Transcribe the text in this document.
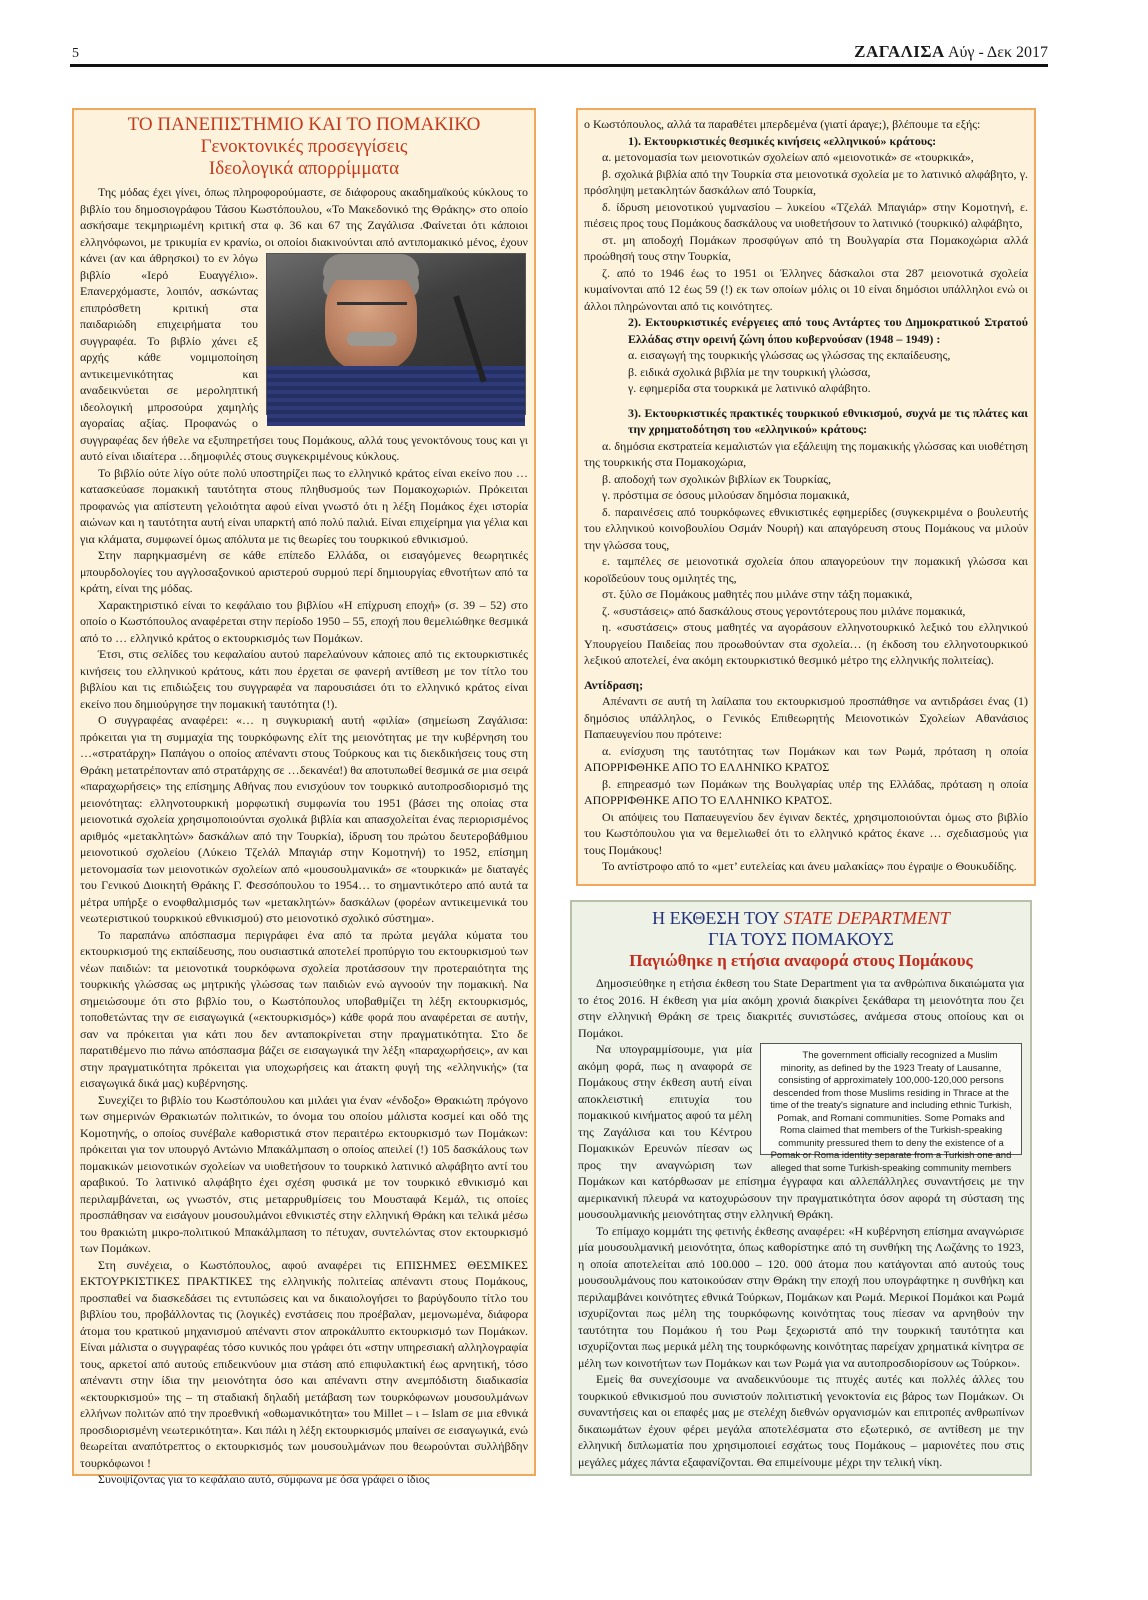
5	ΖΑΓΑΛΙΣΑ Αύγ - Δεκ 2017
ΤΟ ΠΑΝΕΠΙΣΤΗΜΙΟ ΚΑΙ ΤΟ ΠΟΜΑΚΙΚΟ
Γενοκτονικές προσεγγίσεις
Ιδεολογικά απορρίμματα

Της μόδας έχει γίνει, όπως πληροφορούμαστε, σε διάφορους ακαδημαϊκούς κύκλους το βιβλίο του δημοσιογράφου Τάσου Κωστόπουλου, «Το Μακεδονικό της Θράκης» στο οποίο ασκήσαμε τεκμηριωμένη κριτική στα φ. 36 και 67 της Ζαγάλισα .Φαίνεται ότι κάποιοι ελληνόφωνοι, με τρικυμία εν κρανίω, οι οποίοι διακινούνται από
αντιπομακικό μένος, έχουν κάνει (αν και άθρησκοι) το εν λόγω βιβλίο «Ιερό Ευαγγέλιο». Επανερχόμαστε, λοιπόν, ασκώντας επιπρόσθετη κριτική στα παιδαριώδη επιχειρήματα του συγγραφέα. Το βιβλίο χάνει εξ αρχής κάθε νομιμοποίηση αντικειμενικότητας και αναδεικνύεται σε μεροληπτική ιδεολογική μπροσούρα χαμηλής αγοραίας αξίας. Προφανώς ο συγγραφέας δεν ήθελε να εξυπηρετήσει τους Πομάκους, αλλά τους γενοκτόνους τους και γι αυτό είναι ιδιαίτερα …δημοφιλές στους συγκεκριμένους κύκλους.

Το βιβλίο ούτε λίγο ούτε πολύ υποστηρίζει πως το ελληνικό κράτος είναι εκείνο που … κατασκεύασε πομακική ταυτότητα στους πληθυσμούς των Πομακοχωριών. Πρόκειται προφανώς για απίστευτη γελοιότητα αφού είναι γνωστό ότι η λέξη Πομάκος έχει ιστορία αιώνων και η ταυτότητα αυτή είναι υπαρκτή από πολύ παλιά. Είναι επιχείρημα για γέλια και για κλάματα, συμφωνεί όμως απόλυτα με τις θεωρίες του τουρκικού εθνικισμού.

Στην παρηκμασμένη σε κάθε επίπεδο Ελλάδα, οι εισαγόμενες θεωρητικές μπουρδολογίες του αγγλοσαξονικού αριστερού συρμού περί δημιουργίας εθνοτήτων από τα κράτη, είναι της μόδας.

Χαρακτηριστικό είναι το κεφάλαιο του βιβλίου «Η επίχρυση εποχή» (σ. 39 – 52) στο οποίο ο Κωστόπουλος αναφέρεται στην περίοδο 1950 – 55, εποχή που θεμελιώθηκε θεσμικά από το … ελληνικό κράτος ο εκτουρκισμός των Πομάκων.

Έτσι, στις σελίδες του κεφαλαίου αυτού παρελαύνουν κάποιες από τις εκτουρκιστικές κινήσεις του ελληνικού κράτους, κάτι που έρχεται σε φανερή αντίθεση με τον τίτλο του βιβλίου και τις επιδιώξεις του συγγραφέα να παρουσιάσει ότι το ελληνικό κράτος είναι εκείνο που δημιούργησε την πομακική ταυτότητα (!).

Ο συγγραφέας αναφέρει: «… η συγκυριακή αυτή «φιλία» (σημείωση Ζαγάλισα: πρόκειται για τη συμμαχία της τουρκόφωνης ελίτ της μειονότητας με την κυβέρνηση του …«στρατάρχη» Παπάγου ο οποίος απέναντι στους Τούρκους και τις διεκδικήσεις τους στη Θράκη μετατρέπονταν από στρατάρχης σε …δεκανέα!) θα αποτυπωθεί θεσμικά σε μια σειρά «παραχωρήσεις» της επίσημης Αθήνας που ενισχύουν τον τουρκικό αυτοπροσδιορισμό της μειονότητας: ελληνοτουρκική μορφωτική συμφωνία του 1951 (βάσει της οποίας στα μειονοτικά σχολεία χρησιμοποιούνται σχολικά βιβλία και απασχολείται ένας περιορισμένος αριθμός «μετακλητών» δασκάλων από την Τουρκία), ίδρυση του πρώτου δευτεροβάθμιου μειονοτικού σχολείου (Λύκειο Τζελάλ Μπαγιάρ στην Κομοτηνή) το 1952, επίσημη μετονομασία των μειονοτικών σχολείων από «μουσουλμανικά» σε «τουρκικά» με διαταγές του Γενικού Διοικητή Θράκης Γ. Φεσσόπουλου το 1954… το σημαντικότερο από αυτά τα μέτρα υπήρξε ο ενοφθαλμισμός των «μετακλητών» δασκάλων (φορέων αντικειμενικά του νεωτεριστικού τουρκικού εθνικισμού) στο μειονοτικό σχολικό σύστημα».

Το παραπάνω απόσπασμα περιγράφει ένα από τα πρώτα μεγάλα κύματα του εκτουρκισμού της εκπαίδευσης, που ουσιαστικά αποτελεί προπύργιο του εκτουρκισμού των νέων παιδιών: τα μειονοτικά τουρκόφωνα σχολεία προτάσσουν την προτεραιότητα της τουρκικής γλώσσας ως μητρικής γλώσσας των παιδιών ενώ αγνοούν την πομακική. Να σημειώσουμε ότι στο βιβλίο του, ο Κωστόπουλος υποβαθμίζει τη λέξη εκτουρκισμός, τοποθετώντας την σε εισαγωγικά («εκτουρκισμός») κάθε φορά που αναφέρεται σε αυτήν, σαν να πρόκειται για κάτι που δεν ανταποκρίνεται στην πραγματικότητα. Στο δε παρατιθέμενο πιο πάνω απόσπασμα βάζει σε εισαγωγικά την λέξη «παραχωρήσεις», αν και στην πραγματικότητα πρόκειται για υποχωρήσεις και άτακτη φυγή της «ελληνικής» (τα εισαγωγικά δικά μας) κυβέρνησης.

Συνεχίζει το βιβλίο του Κωστόπουλου και μιλάει για έναν «ένδοξο» Θρακιώτη πρόγονο των σημερινών Θρακιωτών πολιτικών, το όνομα του οποίου μάλιστα κοσμεί και οδό της Κομοτηνής, ο οποίος συνέβαλε καθοριστικά στον περαιτέρω εκτουρκισμό των Πομάκων: πρόκειται για τον υπουργό Αντώνιο Μπακάλμπαση ο οποίος απειλεί (!) 105 δασκάλους των πομακικών μειονοτικών σχολείων να υιοθετήσουν το τουρκικό λατινικό αλφάβητο αντί του αραβικού. Το λατινικό αλφάβητο έχει σχέση φυσικά με τον τουρκικό εθνικισμό και περιλαμβάνεται, ως γνωστόν, στις μεταρρυθμίσεις του Μουσταφά Κεμάλ, τις οποίες προσπάθησαν να εισάγουν μουσουλμάνοι εθνικιστές στην ελληνική Θράκη και τελικά μέσω του θρακιώτη μικρο-πολιτικού Μπακάλμπαση το πέτυχαν, συντελώντας στον εκτουρκισμό των Πομάκων.

Στη συνέχεια, ο Κωστόπουλος, αφού αναφέρει τις ΕΠΙΣΗΜΕΣ ΘΕΣΜΙΚΕΣ ΕΚΤΟΥΡΚΙΣΤΙΚΕΣ ΠΡΑΚΤΙΚΕΣ της ελληνικής πολιτείας απέναντι στους Πομάκους, προσπαθεί να διασκεδάσει τις εντυπώσεις και να δικαιολογήσει το βαρύγδουπο τίτλο του βιβλίου του, προβάλλοντας τις (λογικές) ενστάσεις που προέβαλαν, μεμονωμένα, διάφορα άτομα του κρατικού μηχανισμού απέναντι στον απροκάλυπτο εκτουρκισμό των Πομάκων. Είναι μάλιστα ο συγγραφέας τόσο κυνικός που γράφει ότι «στην υπηρεσιακή αλληλογραφία τους, αρκετοί από αυτούς επιδεικνύουν μια στάση από επιφυλακτική έως αρνητική, τόσο απέναντι στην ίδια την μειονότητα όσο και απέναντι στην ανεμπόδιστη διαδικασία «εκτουρκισμού» της – τη σταδιακή δηλαδή μετάβαση των τουρκόφωνων μουσουλμάνων ελλήνων πολιτών από την προεθνική «οθωμανικότητα» του Millet – ι – Islam σε μια εθνικά προσδιορισμένη νεωτερικότητα». Και πάλι η λέξη εκτουρκισμός μπαίνει σε εισαγωγικά, ενώ θεωρείται αναπότρεπτος ο εκτουρκισμός των μουσουλμάνων που θεωρούνται συλλήβδην τουρκόφωνοι !

Συνοψίζοντας για το κεφάλαιο αυτό, σύμφωνα με όσα γράφει ο ίδιος

ο Κωστόπουλος, αλλά τα παραθέτει μπερδεμένα (γιατί άραγε;), βλέπουμε τα εξής:

1). Εκτουρκιστικές θεσμικές κινήσεις «ελληνικού» κράτους:

α. μετονομασία των μειονοτικών σχολείων από «μειονοτικά» σε «τουρκικά»,

β. σχολικά βιβλία από την Τουρκία στα μειονοτικά σχολεία με το λατινικό αλφάβητο, γ. πρόσληψη μετακλητών δασκάλων από Τουρκία,

δ. ίδρυση μειονοτικού γυμνασίου – λυκείου «Τζελάλ Μπαγιάρ» στην Κομοτηνή, ε. πιέσεις προς τους Πομάκους δασκάλους να υιοθετήσουν το λατινικό (τουρκικό) αλφάβητο,

στ. μη αποδοχή Πομάκων προσφύγων από τη Βουλγαρία στα Πομακοχώρια αλλά προώθησή τους στην Τουρκία,

ζ. από το 1946 έως το 1951 οι Έλληνες δάσκαλοι στα 287 μειονοτικά σχολεία κυμαίνονται από 12 έως 59 (!) εκ των οποίων μόλις οι 10 είναι δημόσιοι υπάλληλοι ενώ οι άλλοι πληρώνονται από τις κοινότητες.

2). Εκτουρκιστικές ενέργειες από τους Αντάρτες του Δημοκρατικού Στρατού Ελλάδας στην ορεινή ζώνη όπου κυβερνούσαν (1948 – 1949) :

α. εισαγωγή της τουρκικής γλώσσας ως γλώσσας της εκπαίδευσης,

β. ειδικά σχολικά βιβλία με την τουρκική γλώσσα,

γ. εφημερίδα στα τουρκικά με λατινικό αλφάβητο.

3). Εκτουρκιστικές πρακτικές τουρκικού εθνικισμού, συχνά με τις πλάτες και την χρηματοδότηση του «ελληνικού» κράτους:

α. δημόσια εκστρατεία κεμαλιστών για εξάλειψη της πομακικής γλώσσας και υιοθέτηση της τουρκικής στα Πομακοχώρια,

β. αποδοχή των σχολικών βιβλίων εκ Τουρκίας,

γ. πρόστιμα σε όσους μιλούσαν δημόσια πομακικά,

δ. παραινέσεις από τουρκόφωνες εθνικιστικές εφημερίδες (συγκεκριμένα ο βουλευτής του ελληνικού κοινοβουλίου Οσμάν Νουρή) και απαγόρευση στους Πομάκους να μιλούν την γλώσσα τους,

ε. ταμπέλες σε μειονοτικά σχολεία όπου απαγορεύουν την πομακική γλώσσα και κοροϊδεύουν τους ομιλητές της,

στ. ξύλο σε Πομάκους μαθητές που μιλάνε στην τάξη πομακικά,

ζ. «συστάσεις» από δασκάλους στους γεροντότερους που μιλάνε πομακικά,

η. «συστάσεις» στους μαθητές να αγοράσουν ελληνοτουρκικό λεξικό του ελληνικού Υπουργείου Παιδείας που προωθούνταν στα σχολεία… (η έκδοση του ελληνοτουρκικού λεξικού αποτελεί, ένα ακόμη εκτουρκιστικό θεσμικό μέτρο της ελληνικής πολιτείας).

Αντίδραση;

Απέναντι σε αυτή τη λαίλαπα του εκτουρκισμού προσπάθησε να αντιδράσει ένας (1) δημόσιος υπάλληλος, ο Γενικός Επιθεωρητής Μειονοτικών Σχολείων Αθανάσιος Παπαευγενίου που πρότεινε:

α. ενίσχυση της ταυτότητας των Πομάκων και των Ρωμά, πρόταση η οποία ΑΠΟΡΡΙΦΘΗΚΕ ΑΠΟ ΤΟ ΕΛΛΗΝΙΚΟ ΚΡΑΤΟΣ

β. επηρεασμό των Πομάκων της Βουλγαρίας υπέρ της Ελλάδας, πρόταση η οποία ΑΠΟΡΡΙΦΘΗΚΕ ΑΠΟ ΤΟ ΕΛΛΗΝΙΚΟ ΚΡΑΤΟΣ.

Οι απόψεις του Παπαευγενίου δεν έγιναν δεκτές, χρησιμοποιούνται όμως στο βιβλίο του Κωστόπουλου για να θεμελιωθεί ότι το ελληνικό κράτος έκανε … σχεδιασμούς για τους Πομάκους!

Το αντίστροφο από το «μετ’ ευτελείας και άνευ μαλακίας» που έγραψε ο Θουκυδίδης.

Η ΕΚΘΕΣΗ ΤΟΥ STATE DEPARTMENT
ΓΙΑ ΤΟΥΣ ΠΟΜΑΚΟΥΣ
Παγιώθηκε η ετήσια αναφορά στους Πομάκους

Δημοσιεύθηκε η ετήσια έκθεση του State Department για τα ανθρώπινα δικαιώματα για το έτος 2016. Η έκθεση για μία ακόμη χρονιά διακρίνει ξεκάθαρα τη μειονότητα που ζει στην ελληνική Θράκη σε τρεις διακριτές συνιστώσες, ανάμεσα στους οποίους και οι Πομάκοι.

The government officially recognized a Muslim minority, as defined by the 1923 Treaty of Lausanne, consisting of approximately 100,000-120,000 persons descended from those Muslims residing in Thrace at the time of the treaty's signature and including ethnic Turkish, Pomak, and Romani communities. Some Pomaks and Roma claimed that members of the Turkish-speaking community pressured them to deny the existence of a Pomak or Roma identity separate from a Turkish one and alleged that some Turkish-speaking community members
Να υπογραμμίσουμε, για μία ακόμη φορά, πως η αναφορά σε Πομάκους στην έκθεση αυτή είναι αποκλειστική επιτυχία του πομακικού κινήματος αφού τα μέλη της Ζαγάλισα και του Κέντρου Πομακικών Ερευνών πίεσαν ως προς την αναγνώριση των Πομάκων και κατόρθωσαν με επίσημα έγγραφα και αλλεπάλληλες συναντήσεις με την αμερικανική πλευρά να κατοχυρώσουν την πραγματικότητα όσον αφορά τη σύσταση της μουσουλμανικής μειονότητας στην ελληνική Θράκη.

Το επίμαχο κομμάτι της φετινής έκθεσης αναφέρει: «Η κυβέρνηση επίσημα αναγνώρισε μία μουσουλμανική μειονότητα, όπως καθορίστηκε από τη συνθήκη της Λωζάνης το 1923, η οποία αποτελείται από 100.000 – 120. 000 άτομα που κατάγονται από αυτούς τους μουσουλμάνους που κατοικούσαν στην Θράκη την εποχή που υπογράφτηκε η συνθήκη και περιλαμβάνει κοινότητες εθνικά Τούρκων, Πομάκων και Ρωμά. Μερικοί Πομάκοι και Ρωμά ισχυρίζονται πως μέλη της τουρκόφωνης κοινότητας τους πίεσαν να αρνηθούν την ταυτότητα του Πομάκου ή του Ρωμ ξεχωριστά από την τουρκική ταυτότητα και ισχυρίζονται πως μερικά μέλη της τουρκόφωνης κοινότητας παρείχαν χρηματικά κίνητρα σε μέλη των κοινοτήτων των Πομάκων και των Ρωμά για να αυτοπροσδιορίσουν ως Τούρκοι».

Εμείς θα συνεχίσουμε να αναδεικνύουμε τις πτυχές αυτές και πολλές άλλες του τουρκικού εθνικισμού που συνιστούν πολιτιστική γενοκτονία εις βάρος των Πομάκων. Οι συναντήσεις και οι επαφές μας με στελέχη διεθνών οργανισμών και επιτροπές ανθρωπίνων δικαιωμάτων έχουν φέρει μεγάλα αποτελέσματα στο εξωτερικό, σε αντίθεση με την ελληνική διπλωματία που χρησιμοποιεί εσχάτως τους Πομάκους – μαριονέτες που στις μεγάλες μάχες πάντα εξαφανίζονται. Θα επιμείνουμε μέχρι την τελική νίκη.
